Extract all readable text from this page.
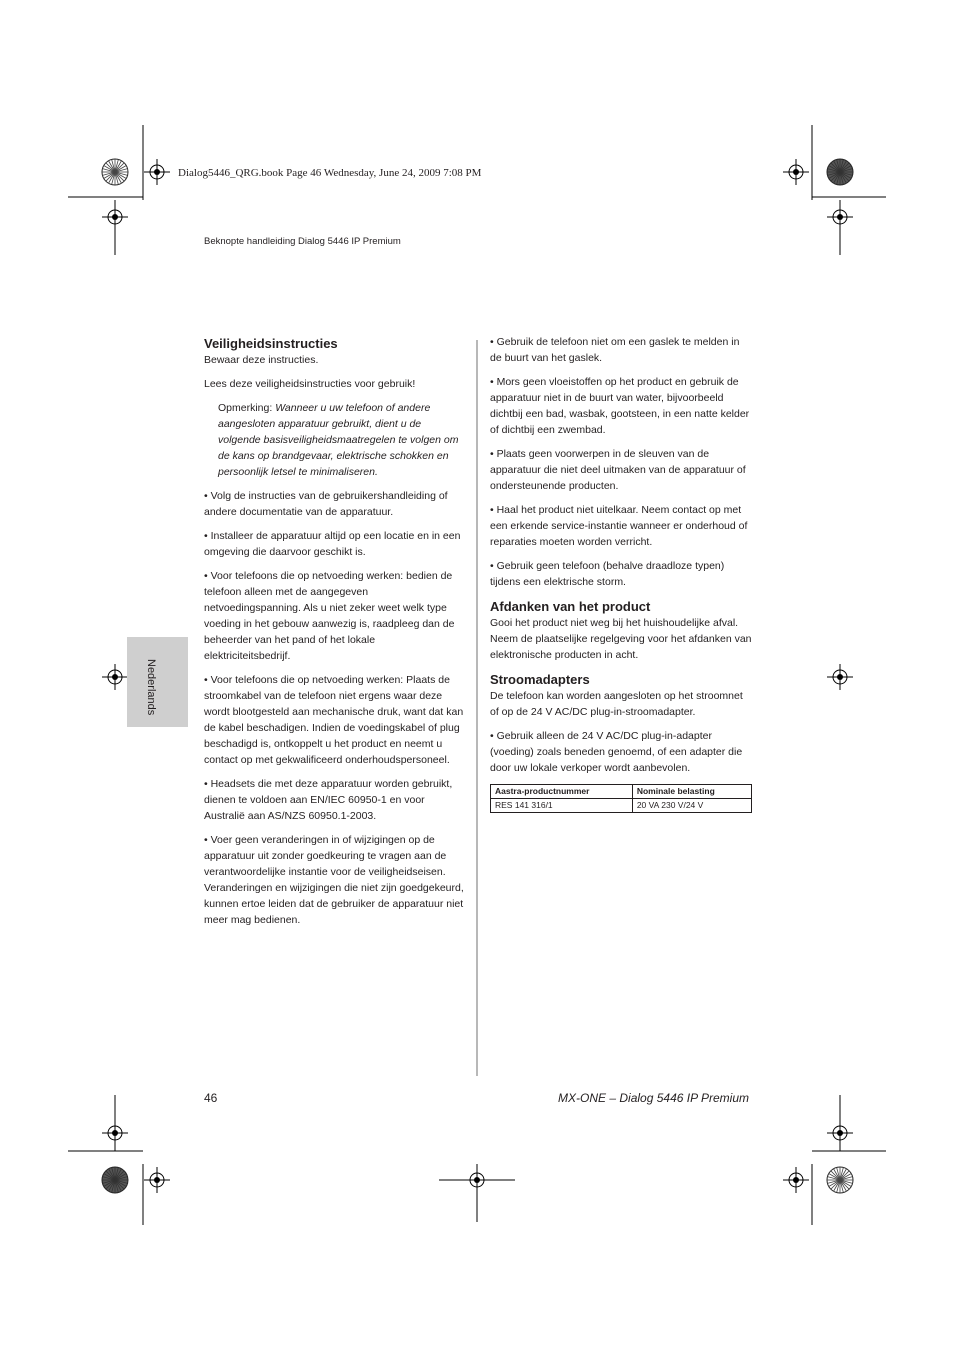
Dialog5446_QRG.book Page 46 Wednesday, June 24, 2009 7:08 PM
Beknopte handleiding Dialog 5446 IP Premium
Nederlands
Veiligheidsinstructies

Bewaar deze instructies.

Lees deze veiligheidsinstructies voor gebruik!

Opmerking: Wanneer u uw telefoon of andere aangesloten apparatuur gebruikt, dient u de volgende basisveiligheidsmaatregelen te volgen om de kans op brandgevaar, elektrische schokken en persoonlijk letsel te minimaliseren.

• Volg de instructies van de gebruikershandleiding of andere documentatie van de apparatuur.

• Installeer de apparatuur altijd op een locatie en in een omgeving die daarvoor geschikt is.

• Voor telefoons die op netvoeding werken: bedien de telefoon alleen met de aangegeven netvoedingspanning. Als u niet zeker weet welk type voeding in het gebouw aanwezig is, raadpleeg dan de beheerder van het pand of het lokale elektriciteitsbedrijf.

• Voor telefoons die op netvoeding werken: Plaats de stroomkabel van de telefoon niet ergens waar deze wordt blootgesteld aan mechanische druk, want dat kan de kabel beschadigen. Indien de voedingskabel of plug beschadigd is, ontkoppelt u het product en neemt u contact op met gekwalificeerd onderhoudspersoneel.

• Headsets die met deze apparatuur worden gebruikt, dienen te voldoen aan EN/IEC 60950-1 en voor Australië aan AS/NZS 60950.1-2003.

• Voer geen veranderingen in of wijzigingen op de apparatuur uit zonder goedkeuring te vragen aan de verantwoordelijke instantie voor de veiligheidseisen. Veranderingen en wijzigingen die niet zijn goedgekeurd, kunnen ertoe leiden dat de gebruiker de apparatuur niet meer mag bedienen.

• Gebruik de telefoon niet om een gaslek te melden in de buurt van het gaslek.

• Mors geen vloeistoffen op het product en gebruik de apparatuur niet in de buurt van water, bijvoorbeeld dichtbij een bad, wasbak, gootsteen, in een natte kelder of dichtbij een zwembad.

• Plaats geen voorwerpen in de sleuven van de apparatuur die niet deel uitmaken van de apparatuur of ondersteunende producten.

• Haal het product niet uitelkaar. Neem contact op met een erkende service-instantie wanneer er onderhoud of reparaties moeten worden verricht.

• Gebruik geen telefoon (behalve draadloze typen) tijdens een elektrische storm.

Afdanken van het product

Gooi het product niet weg bij het huishoudelijke afval. Neem de plaatselijke regelgeving voor het afdanken van elektronische producten in acht.

Stroomadapters

De telefoon kan worden aangesloten op het stroomnet of op de 24 V AC/DC plug-in-stroomadapter.

• Gebruik alleen de 24 V AC/DC plug-in-adapter (voeding) zoals beneden genoemd, of een adapter die door uw lokale verkoper wordt aanbevolen.

Aastra-productnummer	Nominale belasting
RES 141 316/1	20 VA 230 V/24 V
46	MX-ONE – Dialog 5446 IP Premium
